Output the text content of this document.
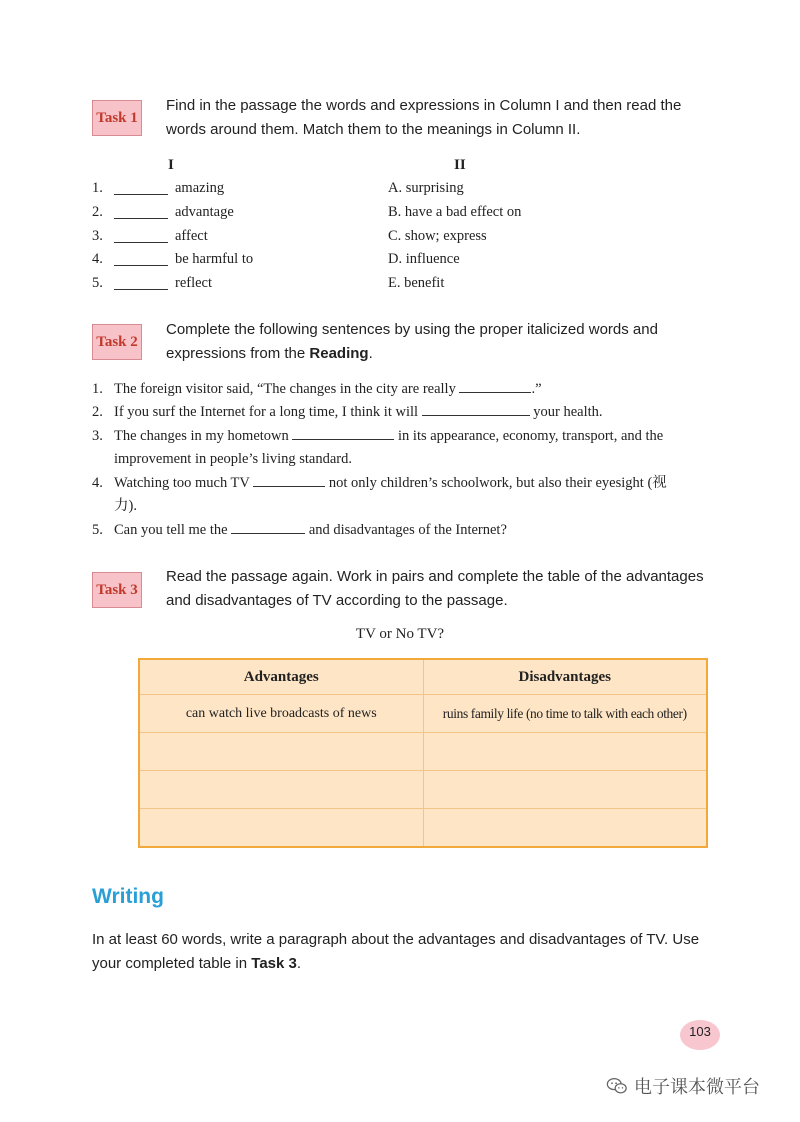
Task 1
Find in the passage the words and expressions in Column I and then read the words around them. Match them to the meanings in Column II.
I	II
1.	amazing	A. surprising
2.	advantage	B. have a bad effect on
3.	affect	C. show; express
4.	be harmful to	D. influence
5.	reflect	E. benefit
Task 2
Complete the following sentences by using the proper italicized words and expressions from the Reading.
1. The foreign visitor said, “The changes in the city are really	.”
2. If you surf the Internet for a long time, I think it will	your health.
3. The changes in my hometown	in its appearance, economy, transport, and the
improvement in people’s living standard.
4. Watching too much TV	not only children’s schoolwork, but also their eyesight (视
力).
5. Can you tell me the	and disadvantages of the Internet?
Task 3
Read the passage again. Work in pairs and complete the table of the advantages and disadvantages of TV according to the passage.
TV or No TV?
Advantages	Disadvantages
can watch live broadcasts of news	ruins family life (no time to talk with each other)

Writing
In at least 60 words, write a paragraph about the advantages and disadvantages of TV. Use your completed table in Task 3.
103
电子课本微平台
